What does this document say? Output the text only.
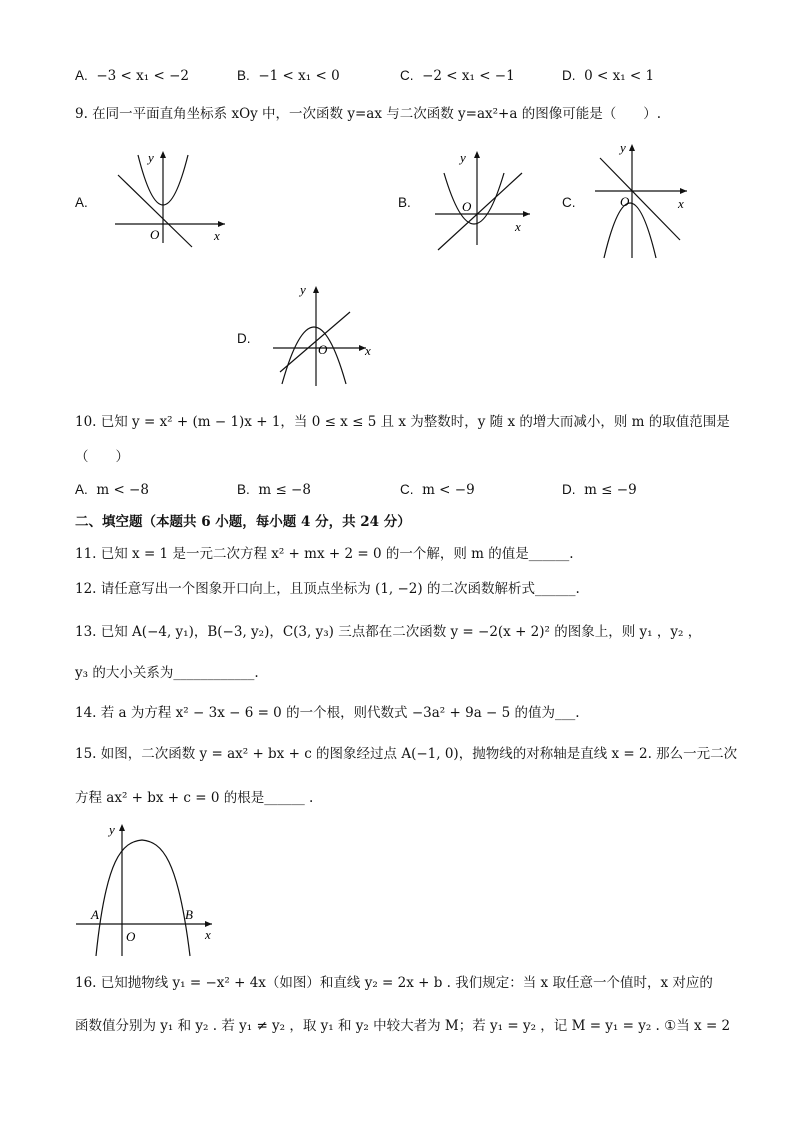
A. −3 < x₁ < −2	B. −1 < x₁ < 0	C. −2 < x₁ < −1	D. 0 < x₁ < 1
9. 在同一平面直角坐标系 xOy 中，一次函数 y=ax 与二次函数 y=ax²+a 的图像可能是（　　）.
A.
y
x
O
B.
y
x
O	C.
y
x
O
D.
y
x
O
10. 已知 y = x² + (m − 1)x + 1，当 0 ≤ x ≤ 5 且 x 为整数时，y 随 x 的增大而减小，则 m 的取值范围是
（　　）
A. m < −8	B. m ≤ −8	C. m < −9	D. m ≤ −9
二、填空题（本题共 6 小题，每小题 4 分，共 24 分）
11. 已知 x = 1 是一元二次方程 x² + mx + 2 = 0 的一个解，则 m 的值是______.
12. 请任意写出一个图象开口向上，且顶点坐标为 (1, −2) 的二次函数解析式______.
13. 已知 A(−4, y₁)，B(−3, y₂)，C(3, y₃) 三点都在二次函数 y = −2(x + 2)² 的图象上，则 y₁ ，y₂ ，
y₃ 的大小关系为____________.
14. 若 a 为方程 x² − 3x − 6 = 0 的一个根，则代数式 −3a² + 9a − 5 的值为___.
15. 如图，二次函数 y = ax² + bx + c 的图象经过点 A(−1, 0)，抛物线的对称轴是直线 x = 2. 那么一元二次
方程 ax² + bx + c = 0 的根是______ .
y
x
O
A	B
16. 已知抛物线 y₁ = −x² + 4x（如图）和直线 y₂ = 2x + b . 我们规定：当 x 取任意一个值时，x 对应的
函数值分别为 y₁ 和 y₂ . 若 y₁ ≠ y₂ ，取 y₁ 和 y₂ 中较大者为 M；若 y₁ = y₂ ，记 M = y₁ = y₂ . ①当 x = 2
